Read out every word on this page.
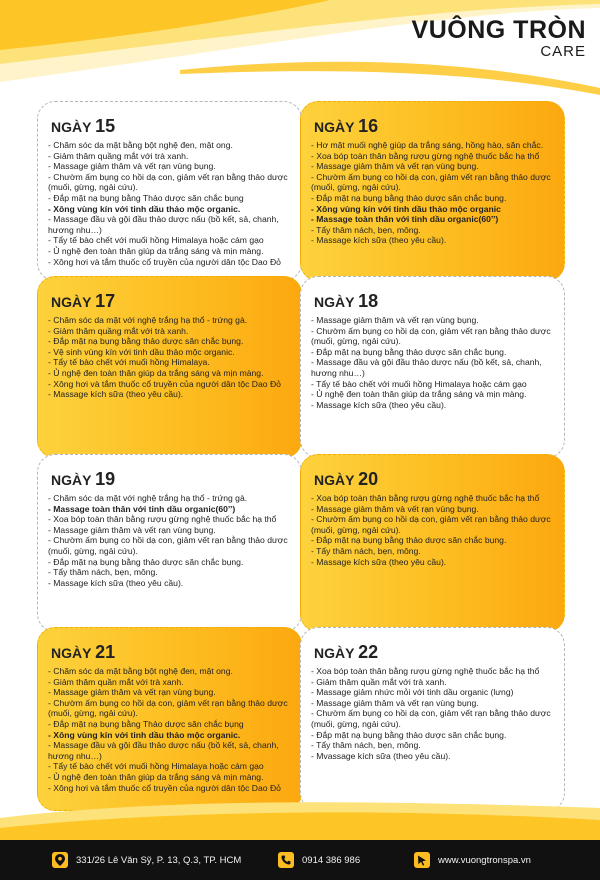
VUÔNG TRÒN
CARE
NGÀY 15
- Chăm sóc da mặt bằng bột nghệ đen, mật ong.
- Giảm thâm quầng mắt với trà xanh.
- Massage giảm thâm và vết rạn vùng bụng.
- Chườm ấm bụng co hồi dạ con, giảm vết rạn bằng thảo dược (muối, gừng, ngải cứu).
- Đắp mặt nạ bụng bằng Thảo dược săn chắc bụng
- Xông vùng kín với tinh dầu thảo mộc organic.
- Massage đầu và gội đầu thảo dược nấu (bồ kết, sả, chanh, hương nhu…)
- Tẩy tế bào chết với muối hồng Himalaya hoặc cám gạo
- Ủ nghệ đen toàn thân giúp da trắng sáng và mịn màng.
- Xông hơi và tắm thuốc cổ truyền của người dân tộc Dao Đỏ
NGÀY 16
- Hơ mặt muối nghệ giúp da trắng sáng, hồng hào, săn chắc.
- Xoa bóp toàn thân bằng rượu gừng nghệ thuốc bắc hạ thổ
- Massage giảm thâm và vết rạn vùng bụng.
- Chườm ấm bụng co hồi dạ con, giảm vết rạn bằng thảo dược (muối, gừng, ngải cứu).
- Đắp mặt nạ bụng bằng thảo dược săn chắc bụng.
- Xông vùng kín với tinh dầu thảo mộc organic
- Massage toàn thân với tinh dầu organic(60’’)
- Tẩy thâm nách, bẹn, mông.
- Massage kích sữa (theo yêu cầu).
NGÀY 17
- Chăm sóc da mặt với nghệ trắng hạ thổ - trứng gà.
- Giảm thâm quầng mắt với trà xanh.
- Đắp mặt nạ bụng bằng thảo dược săn chắc bụng.
- Vệ sinh vùng kín với tinh dầu thảo mộc organic.
- Tẩy tế bào chết với muối hồng Himalaya.
- Ủ nghệ đen toàn thân giúp da trắng sáng và mịn màng.
- Xông hơi và tắm thuốc cổ truyền của người dân tộc Dao Đỏ
- Massage kích sữa (theo yêu cầu).
NGÀY 18
- Massage giảm thâm và vết rạn vùng bụng.
- Chườm ấm bụng co hồi dạ con, giảm vết rạn bằng thảo dược (muối, gừng, ngải cứu).
- Đắp mặt nạ bụng bằng thảo dược săn chắc bụng.
- Massage đầu và gội đầu thảo dược nấu (bồ kết, sả, chanh, hương nhu…)
- Tẩy tế bào chết với muối hồng Himalaya hoặc cám gạo
- Ủ nghệ đen toàn thân giúp da trắng sáng và mịn màng.
- Massage kích sữa (theo yêu cầu).
NGÀY 19
- Chăm sóc da mặt với nghệ trắng hạ thổ - trứng gà.
- Massage toàn thân với tinh dầu organic(60’’)
- Xoa bóp toàn thân bằng rượu gừng nghệ thuốc bắc hạ thổ
- Massage giảm thâm và vết rạn vùng bụng.
- Chườm ấm bụng co hồi dạ con, giảm vết rạn bằng thảo dược (muối, gừng, ngải cứu).
- Đắp mặt nạ bụng bằng thảo dược săn chắc bụng.
- Tẩy thâm nách, bẹn, mông.
- Massage kích sữa (theo yêu cầu).
NGÀY 20
- Xoa bóp toàn thân bằng rượu gừng nghệ thuốc bắc hạ thổ
- Massage giảm thâm và vết rạn vùng bụng.
- Chườm ấm bụng co hồi dạ con, giảm vết rạn bằng thảo dược (muối, gừng, ngải cứu).
- Đắp mặt nạ bụng bằng thảo dược săn chắc bụng.
- Tẩy thâm nách, bẹn, mông.
- Massage kích sữa (theo yêu cầu).
NGÀY 21
- Chăm sóc da mặt bằng bột nghệ đen, mật ong.
- Giảm thâm quần mắt với trà xanh.
- Massage giảm thâm và vết rạn vùng bụng.
- Chườm ấm bụng co hồi dạ con, giảm vết rạn bằng thảo dược (muối, gừng, ngải cứu).
- Đắp mặt nạ bụng bằng Thảo dược săn chắc bụng
- Xông vùng kín với tinh dầu thảo mộc organic.
- Massage đầu và gội đầu thảo dược nấu (bồ kết, sả, chanh, hương nhu…)
- Tẩy tế bào chết với muối hồng Himalaya hoặc cám gạo
- Ủ nghệ đen toàn thân giúp da trắng sáng và mịn màng.
- Xông hơi và tắm thuốc cổ truyền của người dân tộc Dao Đỏ
NGÀY 22
- Xoa bóp toàn thân bằng rượu gừng nghệ thuốc bắc hạ thổ
- Giảm thâm quần mắt với trà xanh.
- Massage giảm nhức mỏi với tinh dầu organic (lưng)
- Massage giảm thâm và vết rạn vùng bụng.
- Chườm ấm bụng co hồi dạ con, giảm vết rạn bằng thảo dược (muối, gừng, ngải cứu).
- Đắp mặt nạ bụng bằng thảo dược săn chắc bụng.
- Tẩy thâm nách, bẹn, mông.
- Mvassage kích sữa (theo yêu cầu).
331/26 Lê Văn Sỹ, P. 13, Q.3, TP. HCM	0914 386 986	www.vuongtronspa.vn
